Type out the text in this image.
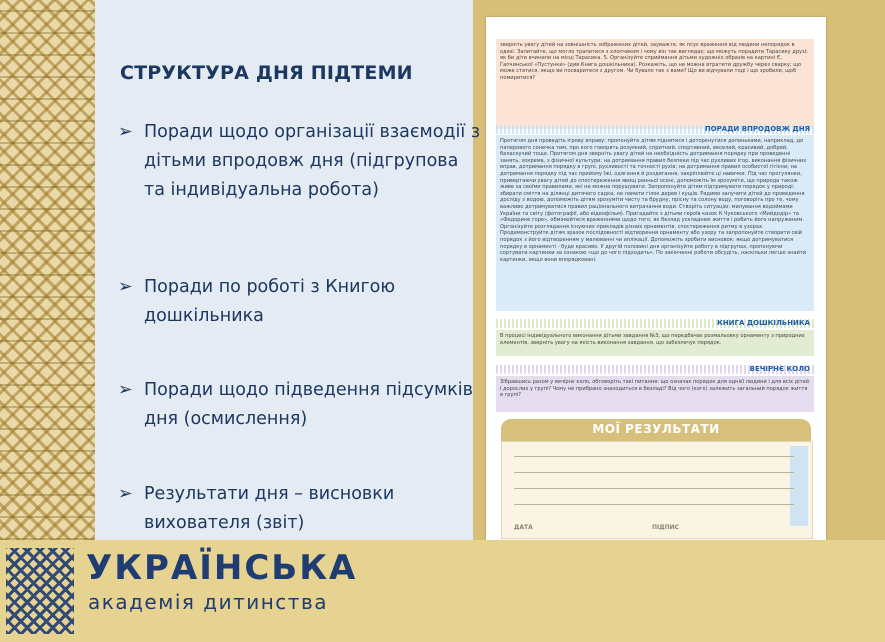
СТРУКТУРА ДНЯ ПІДТЕМИ
➢ Поради щодо організації взаємодії з дітьми впродовж дня (підгрупова та індивідуальна робота)
➢ Поради по роботі з Книгою дошкільника
➢ Поради щодо підведення підсумків дня (осмислення)
➢ Результати дня – висновки вихователя (звіт)

зверніть увагу дітей на зовнішність зображених дітей, зауважте, як псує враження від людини непорядок в одязі. Запитайте, що могло трапитися з хлопчиком і чому він так виглядає; що можуть порадити Тарасику друзі; як би діти вчинили на місці Тарасика. 5. Організуйте сприймання дітьми художніх образів на картині Є. Гапчинської «Пустунки» (див.Книга дошкільника). Розкажіть, що не можна втратити дружбу через сварку; що може статися, якщо ви посваритеся з другом. Чи бувало так з вами? Що ви відчували тоді і що зробили, щоб помиритися?

ПОРАДИ ВПРОДОВЖ ДНЯ

Протягом дня проведіть ігрову вправу: пропонуйте дітям піднятися і доторкнутися долоньками, наприклад, до паперового сонечка тим, про кого говорять розумний, спритний, спортивний, веселий, красивий, добрий, баласкучий тощо. Протягом дня зверніть увагу дітей на необхідність дотримання порядку при проведенні занять, зокрема, з фізичної культури; на дотримання правил безпеки під час рухливих ігор, виконання фізичних вправ, дотримання порядку в групі, рухливості та точності рухів; на дотримання правил особистої гігієни; на дотримання порядку під час прийому їжі, одягання й роздягання, закріплюйте ці навички. Під час прогулянки, привертаючи увагу дітей до спостереження явищ ранньої осені, допоможіть їм зрозуміти, що природа також живе за своїми правилами, які не можна порушувати. Запропонуйте дітям підтримувати порядок у природі: збирати сміття на ділянці дитячого садка, не ламати гілок дерев і кущів. Радимо залучити дітей до проведення досліду з водою, допоможіть дітям зрозуміти чисту та брудну, прісну та солону воду, поговоріть про те, чому важливо дотримуватися правил раціонального витрачання води. Створіть ситуацію: милування водоймами України та світу (фотографії, або відеофільм). Пригадайте з дітьми героїв казок К.Чуковського «Мийдодір» та «Федорине горе», обмінюйтеся враженнями щодо того, як безлад ускладнює життя і робить його напруженим. Організуйте розглядання існуючих прикладів різних орнаментів, спостереження ритму в узорах. Продемонструйте дітям зразок послідовності відтворення орнаменту або узору та запропонуйте створити свій порядок з його відтворенням у малюванні чи аплікації. Допоможіть зробити висновок: якщо дотримуватися порядку в орнаменті - буде красиво. У другій половині дня організуйте роботу в підгрупах, пропонуючи сортувати картинки за ознакою «що до чого підходить». По закінченні роботи обсудіть, наскільки легше знайти картинки, якщо вони впорядковані.

КНИГА ДОШКІЛЬНИКА

В процесі індивідуального виконання дітьми завдання №3, що передбачає розмальовку орнаменту з природних елементів, зверніть увагу на якість виконання завдання, що забезпечує порядок.

ВЕЧІРНЄ КОЛО

Зібравшись разом у вечірнє коло, обговоріть такі питання: що означає порядок для однієї людини і для всіх дітей і дорослих у групі? Чому не прибрано знаходиться в безладі? Від чого (кого) залежить загальний порядок життя в групі?

МОЇ РЕЗУЛЬТАТИ
ДАТА	ПІДПИС
УКРАЇНСЬКА
академія дитинства
